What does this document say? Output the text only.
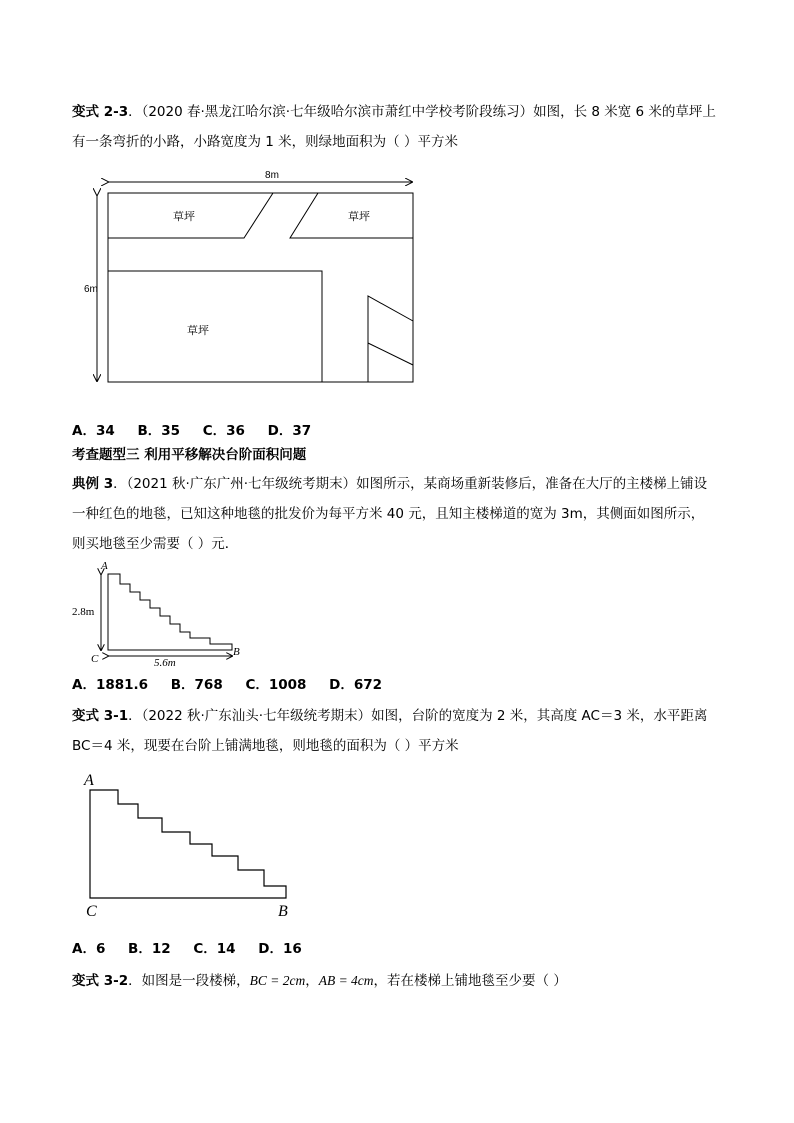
变式 2-3．（2020 春·黑龙江哈尔滨·七年级哈尔滨市萧红中学校考阶段练习）如图，长 8 米宽 6 米的草坪上
有一条弯折的小路，小路宽度为 1 米，则绿地面积为（ ）平方米
8m
6m
草坪	草坪
草坪
A．34 B．35 C．36 D．37
考查题型三 利用平移解决台阶面积问题
典例 3．（2021 秋·广东广州·七年级统考期末）如图所示，某商场重新装修后，准备在大厅的主楼梯上铺设
一种红色的地毯，已知这种地毯的批发价为每平方米 40 元，且知主楼梯道的宽为 3m，其侧面如图所示，
则买地毯至少需要（ ）元．
A
C
B
2.8m
5.6m
A．1881.6 B．768 C．1008 D．672
变式 3-1．（2022 秋·广东汕头·七年级统考期末）如图，台阶的宽度为 2 米，其高度 AC＝3 米，水平距离
BC＝4 米，现要在台阶上铺满地毯，则地毯的面积为（ ）平方米
A
C	B
A．6 B．12 C．14 D．16
变式 3-2．如图是一段楼梯，BC = 2cm，AB = 4cm，若在楼梯上铺地毯至少要（ ）
